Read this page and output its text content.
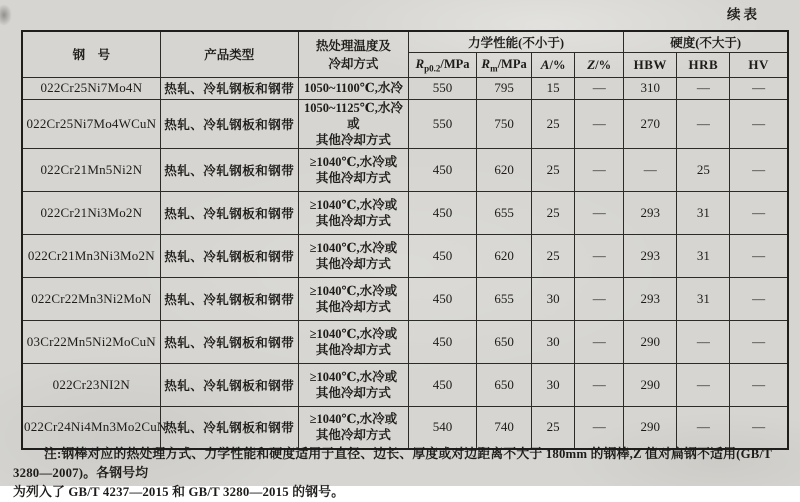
续表
钢　号	产品类型	热处理温度及
冷却方式	力学性能(不小于)				硬度(不大于)		
			$R_{p0.2}$/MPa	$R_m$/MPa	A/%	Z/%	HBW	HRB	HV
022Cr25Ni7Mo4N	热轧、冷轧钢板和钢带	1050~1100℃,水冷	550	795	15	—	310	—	—
022Cr25Ni7Mo4WCuN	热轧、冷轧钢板和钢带	1050~1125℃,水冷或
其他冷却方式	550	750	25	—	270	—	—
022Cr21Mn5Ni2N	热轧、冷轧钢板和钢带	≥1040℃,水冷或
其他冷却方式	450	620	25	—	—	25	—
022Cr21Ni3Mo2N	热轧、冷轧钢板和钢带	≥1040℃,水冷或
其他冷却方式	450	655	25	—	293	31	—
022Cr21Mn3Ni3Mo2N	热轧、冷轧钢板和钢带	≥1040℃,水冷或
其他冷却方式	450	620	25	—	293	31	—
022Cr22Mn3Ni2MoN	热轧、冷轧钢板和钢带	≥1040℃,水冷或
其他冷却方式	450	655	30	—	293	31	—
03Cr22Mn5Ni2MoCuN	热轧、冷轧钢板和钢带	≥1040℃,水冷或
其他冷却方式	450	650	30	—	290	—	—
022Cr23NI2N	热轧、冷轧钢板和钢带	≥1040℃,水冷或
其他冷却方式	450	650	30	—	290	—	—
022Cr24Ni4Mn3Mo2CuN	热轧、冷轧钢板和钢带	≥1040℃,水冷或
其他冷却方式	540	740	25	—	290	—	—
注:钢棒对应的热处理方式、力学性能和硬度适用于直径、边长、厚度或对边距离不大于 180mm 的钢棒,Z 值对扁钢不适用(GB/T 3280—2007)。各钢号均
为列入了 GB/T 4237—2015 和 GB/T 3280—2015 的钢号。
